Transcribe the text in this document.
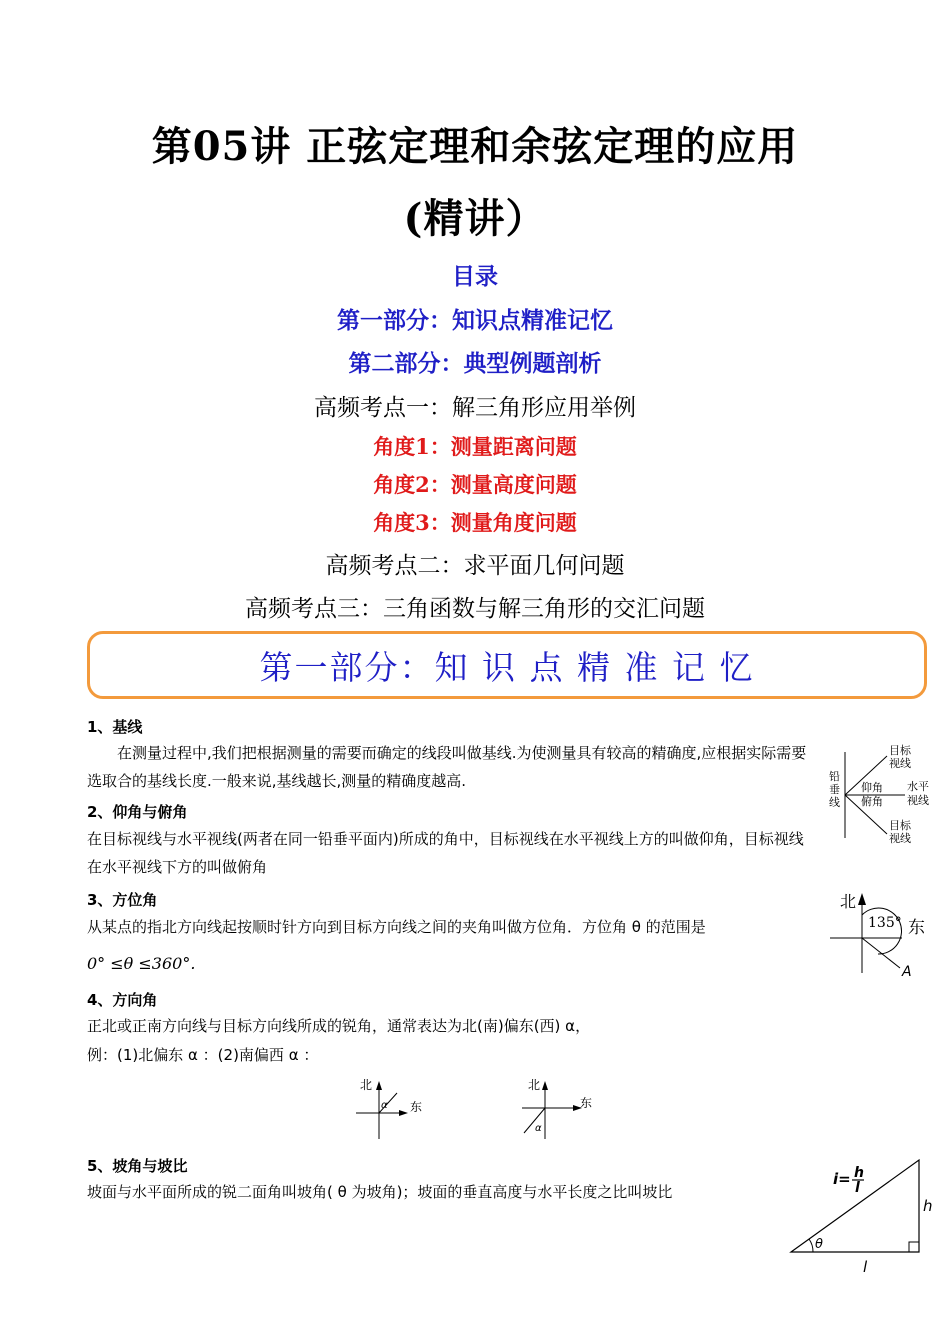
第05讲 正弦定理和余弦定理的应用
(精讲）
目录
第一部分：知识点精准记忆
第二部分：典型例题剖析
高频考点一：解三角形应用举例
角度1：测量距离问题
角度2：测量高度问题
角度3：测量角度问题
高频考点二：求平面几何问题
高频考点三：三角函数与解三角形的交汇问题
第一部分：知 识 点 精 准 记 忆
1、基线
在测量过程中,我们把根据测量的需要而确定的线段叫做基线.为使测量具有较高的精确度,应根据实际需要选取合的基线长度.一般来说,基线越长,测量的精确度越高.
2、仰角与俯角
在目标视线与水平视线(两者在同一铅垂平面内)所成的角中，目标视线在水平视线上方的叫做仰角，目标视线在水平视线下方的叫做俯角
3、方位角
从某点的指北方向线起按顺时针方向到目标方向线之间的夹角叫做方位角．方位角 θ 的范围是
0° ≤θ ≤360°.
4、方向角
正北或正南方向线与目标方向线所成的锐角，通常表达为北(南)偏东(西) α，
例：(1)北偏东 α ：(2)南偏西 α ：
5、坡角与坡比
坡面与水平面所成的锐二面角叫坡角( θ 为坡角)；坡面的垂直高度与水平长度之比叫坡比
铅
垂
线
目标
视线
水平
视线
目标
视线
仰角
俯角
北
东
135°
A
北
东
α
北
东
α
θ
h
l
i= h
l
